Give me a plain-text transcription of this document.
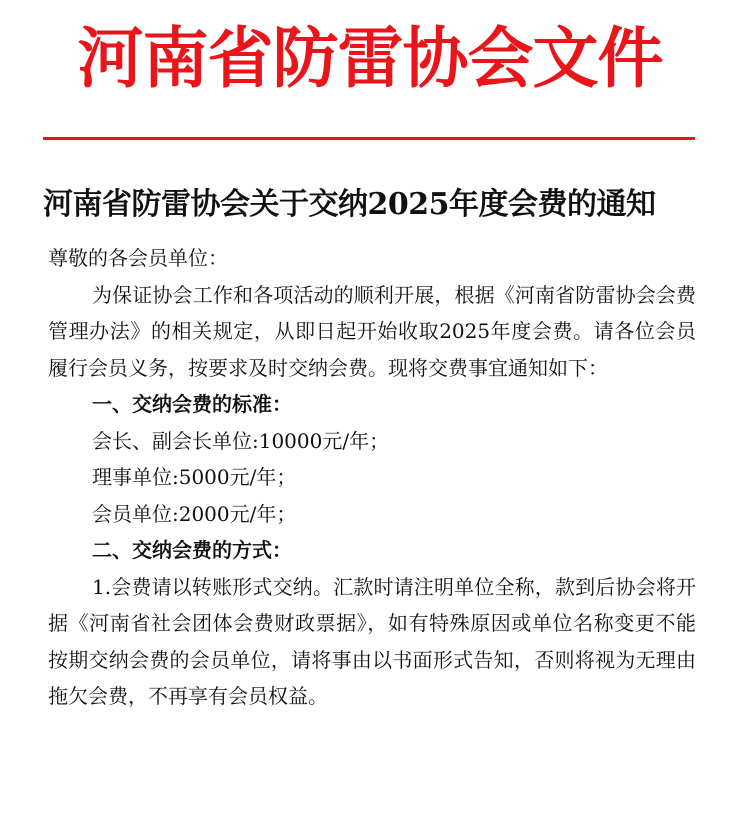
河南省防雷协会文件
河南省防雷协会关于交纳2025年度会费的通知

尊敬的各会员单位：

为保证协会工作和各项活动的顺利开展，根据《河南省防雷协会会费管理办法》的相关规定，从即日起开始收取2025年度会费。请各位会员履行会员义务，按要求及时交纳会费。现将交费事宜通知如下：

一、交纳会费的标准：

会长、副会长单位:10000元/年；

理事单位:5000元/年；

会员单位:2000元/年；

二、交纳会费的方式：

1.会费请以转账形式交纳。汇款时请注明单位全称，款到后协会将开据《河南省社会团体会费财政票据》，如有特殊原因或单位名称变更不能按期交纳会费的会员单位，请将事由以书面形式告知，否则将视为无理由拖欠会费，不再享有会员权益。
